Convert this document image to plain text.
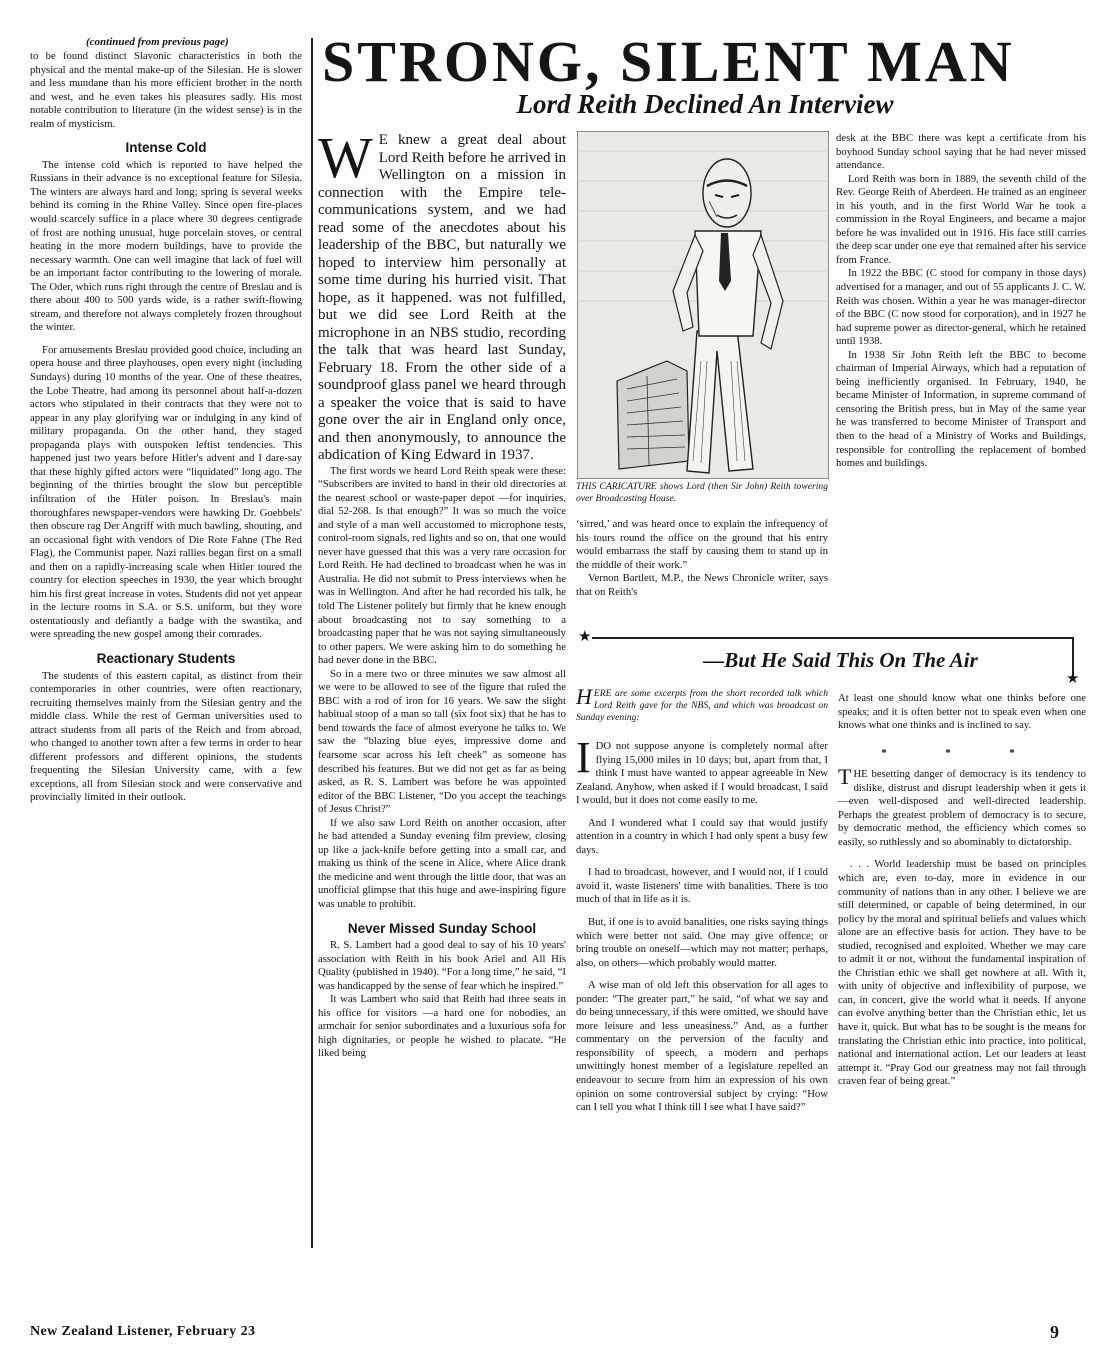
(continued from previous page) STRONG, SILENT MAN
Lord Reith Declined An Interview

to be found distinct Slavonic characteristics in both the physical and the mental make-up of the Silesian. He is slower and less mundane than his more efficient brother in the north and west, and he even takes his pleasures sadly. His most notable contribution to literature (in the widest sense) is in the realm of mysticism.

Intense Cold

The intense cold which is reported to have helped the Russians in their advance is no exceptional feature for Silesia. The winters are always hard and long; spring is several weeks behind its coming in the Rhine Valley. Since open fire-places would scarcely suffice in a place where 30 degrees centigrade of frost are nothing unusual, huge porcelain stoves, or central heating in the more modern buildings, have to provide the necessary warmth. One can well imagine that lack of fuel will be an important factor contributing to the lowering of morale. The Oder, which runs right through the centre of Breslau and is there about 400 to 500 yards wide, is a rather swift-flowing stream, and therefore not always completely frozen throughout the winter.

For amusements Breslau provided good choice, including an opera house and three playhouses, open every night (including Sundays) during 10 months of the year. One of these theatres, the Lobe Theatre, had among its personnel about half-a-dozen actors who stipulated in their contracts that they were not to appear in any play glorifying war or indulging in any kind of military propaganda. On the other hand, they staged propaganda plays with outspoken leftist tendencies. This happened just two years before Hitler's advent and I dare-say that these highly gifted actors were “liquidated” long ago. The beginning of the thirties brought the slow but perceptible infiltration of the Hitler poison. In Breslau's main thoroughfares newspaper-vendors were hawking Dr. Goebbels' then obscure rag Der Angriff with much bawling, shouting, and an occasional fight with vendors of Die Rote Fahne (The Red Flag), the Communist paper. Nazi rallies began first on a small and then on a rapidly-increasing scale when Hitler toured the country for election speeches in 1930, the year which brought him his first great increase in votes. Students did not yet appear in the lecture rooms in S.A. or S.S. uniform, but they wore ostentatiously and defiantly a badge with the swastika, and were spreading the new gospel among their comrades.

Reactionary Students

The students of this eastern capital, as distinct from their contemporaries in other countries, were often reactionary, recruiting themselves mainly from the Silesian gentry and the middle class. While the rest of German universities used to attract students from all parts of the Reich and from abroad, who changed to another town after a few terms in order to hear different professors and different opinions, the students frequenting the Silesian University came, with a few exceptions, all from Silesian stock and were conservative and provincially limited in their outlook.

W E knew a great deal about Lord Reith before he arrived in Wellington on a mission in connection with the Empire tele-communications system, and we had read some of the anecdotes about his leadership of the BBC, but naturally we hoped to interview him personally at some time during his hurried visit. That hope, as it happened. was not fulfilled, but we did see Lord Reith at the microphone in an NBS studio, recording the talk that was heard last Sunday, February 18. From the other side of a soundproof glass panel we heard through a speaker the voice that is said to have gone over the air in England only once, and then anonymously, to announce the abdication of King Edward in 1937.

The first words we heard Lord Reith speak were these: “Subscribers are invited to hand in their old directories at the nearest school or waste-paper depot —for inquiries, dial 52-268. Is that enough?” It was so much the voice and style of a man well accustomed to microphone tests, control-room signals, red lights and so on, that one would never have guessed that this was a very rare occasion for Lord Reith. He had declined to broadcast when he was in Australia. He did not submit to Press interviews when he was in Wellington. And after he had recorded his talk, he told The Listener politely but firmly that he knew enough about broadcasting not to say something to a broadcasting paper that he was not saying simultaneously to other papers. We were asking him to do something he had never done in the BBC.

So in a mere two or three minutes we saw almost all we were to be allowed to see of the figure that ruled the BBC with a rod of iron for 16 years. We saw the slight habitual stoop of a man so tall (six foot six) that he has to bend towards the face of almost everyone he talks to. We saw the “blazing blue eyes, impressive dome and fearsome scar across his left cheek” as someone has described his features. But we did not get as far as being asked, as R. S. Lambert was before he was appointed editor of the BBC Listener, “Do you accept the teachings of Jesus Christ?”

If we also saw Lord Reith on another occasion, after he had attended a Sunday evening film preview, closing up like a jack-knife before getting into a small car, and making us think of the scene in Alice, where Alice drank the medicine and went through the little door, that was an unofficial glimpse that this huge and awe-inspiring figure was unable to prohibit.

Never Missed Sunday School

R. S. Lambert had a good deal to say of his 10 years' association with Reith in his book Ariel and All His Quality (published in 1940). “For a long time,” he said, “I was handicapped by the sense of fear which he inspired.”

It was Lambert who said that Reith had three seats in his office for visitors —a hard one for nobodies, an armchair for senior subordinates and a luxurious sofa for high dignitaries, or people he wished to placate. “He liked being

THIS CARICATURE shows Lord (then Sir John) Reith towering over Broadcasting House.

‘sirred,’ and was heard once to explain the infrequency of his tours round the office on the ground that his entry would embarrass the staff by causing them to stand up in the middle of their work.”

Vernon Bartlett, M.P., the News Chronicle writer, says that on Reith's

desk at the BBC there was kept a certificate from his boyhood Sunday school saying that he had never missed attendance.

Lord Reith was born in 1889, the seventh child of the Rev. George Reith of Aberdeen. He trained as an engineer in his youth, and in the first World War he took a commission in the Royal Engineers, and became a major before he was invalided out in 1916. His face still carries the deep scar under one eye that remained after his service from France.

In 1922 the BBC (C stood for company in those days) advertised for a manager, and out of 55 applicants J. C. W. Reith was chosen. Within a year he was manager-director of the BBC (C now stood for corporation), and in 1927 he had supreme power as director-general, which he retained until 1938.

In 1938 Sir John Reith left the BBC to become chairman of Imperial Airways, which had a reputation of being inefficiently organised. In February, 1940, he became Minister of Information, in supreme command of censoring the British press, but in May of the same year he was transferred to become Minister of Transport and then to the head of a Ministry of Works and Buildings, responsible for controlling the replacement of bombed homes and buildings.

★
★
—But He Said This On The Air
HERE are some excerpts from the short recorded talk which Lord Reith gave for the NBS, and which was broadcast on Sunday evening:

IDO not suppose anyone is completely normal after flying 15,000 miles in 10 days; but, apart from that, I think I must have wanted to appear agreeable in New Zealand. Anyhow, when asked if I would broadcast, I said I would, but it does not come easily to me.

And I wondered what I could say that would justify attention in a country in which I had only spent a busy few days.

I had to broadcast, however, and I would not, if I could avoid it, waste listeners' time with banalities. There is too much of that in life as it is.

But, if one is to avoid banalities, one risks saying things which were better not said. One may give offence; or bring trouble on oneself—which may not matter; perhaps, also, on others—which probably would matter.

A wise man of old left this observation for all ages to ponder: “The greater part,” he said, “of what we say and do being unnecessary, if this were omitted, we should have more leisure and less uneasiness.” And, as a further commentary on the perversion of the faculty and responsibility of speech, a modern and perhaps unwittingly honest member of a legislature repelled an endeavour to secure from him an expression of his own opinion on some controversial subject by crying: “How can I tell you what I think till I see what I have said?”

At least one should know what one thinks before one speaks; and it is often better not to speak even when one knows what one thinks and is inclined to say.

* * *

THE besetting danger of democracy is its tendency to dislike, distrust and disrupt leadership when it gets it—even well-disposed and well-directed leadership. Perhaps the greatest problem of democracy is to secure, by democratic method, the efficiency which comes so easily, so ruthlessly and so abominably to dictatorship.

. . . World leadership must be based on principles which are, even to-day, more in evidence in our community of nations than in any other. I believe we are still determined, or capable of being determined, in our policy by the moral and spiritual beliefs and values which alone are an effective basis for action. They have to be studied, recognised and exploited. Whether we may care to admit it or not, without the fundamental inspiration of the Christian ethic we shall get nowhere at all. With it, with unity of objective and inflexibility of purpose, we can, in concert, give the world what it needs. If anyone can evolve anything better than the Christian ethic, let us have it, quick. But what has to be sought is the means for translating the Christian ethic into practice, into political, national and international action. Let our leaders at least attempt it. “Pray God our greatness may not fail through craven fear of being great.”

New Zealand Listener, February 23	9
